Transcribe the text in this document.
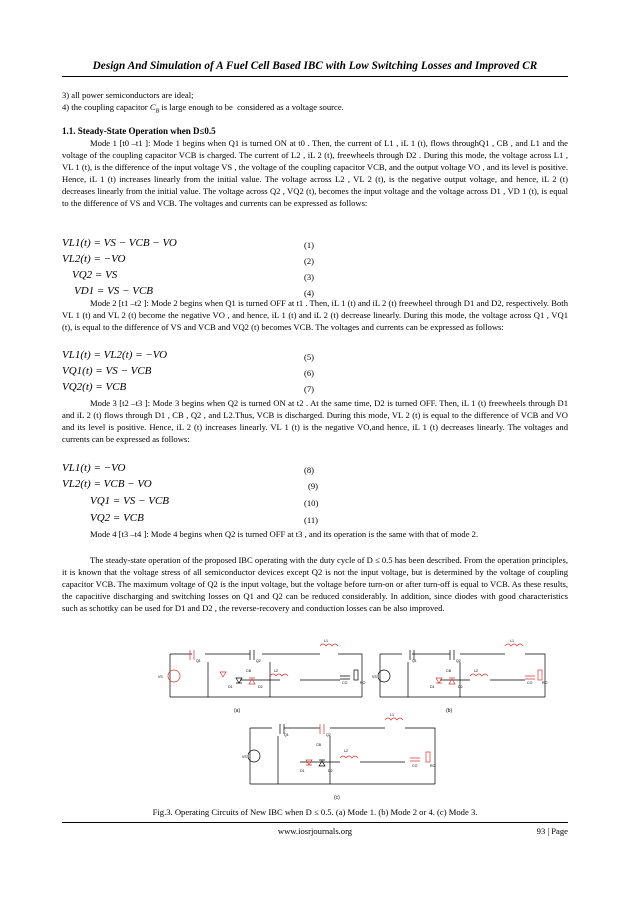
Design And Simulation of A Fuel Cell Based IBC with Low Switching Losses and Improved CR

3) all power semiconductors are ideal;

4) the coupling capacitor $C_B$ is large enough to be  considered as a voltage source.

1.1. Steady-State Operation when D≤0.5
Mode 1 [t0 –t1 ]: Mode 1 begins when Q1 is turned ON at t0 . Then, the current of L1 , iL 1 (t), flows throughQ1 , CB , and L1 and the voltage of the coupling capacitor VCB is charged. The current of L2 , iL 2 (t), freewheels through D2 . During this mode, the voltage across L1 , VL 1 (t), is the difference of the input voltage VS , the voltage of the coupling capacitor VCB, and the output voltage VO , and its level is positive. Hence, iL 1 (t) increases linearly from the initial value. The voltage across L2 , VL 2 (t), is the negative output voltage, and hence, iL 2 (t) decreases linearly from the initial value. The voltage across Q2 , VQ2 (t), becomes the input voltage and the voltage across D1 , VD 1 (t), is equal to the difference of VS and VCB. The voltages and currents can be expressed as follows:
VL1(t) = VS − VCB − VO	(1)
VL2(t) = −VO	(2)
VQ2 = VS	(3)
VD1 = VS − VCB	(4)
Mode 2 [t1 –t2 ]: Mode 2 begins when Q1 is turned OFF at t1 . Then, iL 1 (t) and iL 2 (t) freewheel through D1 and D2, respectively. Both VL 1 (t) and VL 2 (t) become the negative VO , and hence, iL 1 (t) and iL 2 (t) decrease linearly. During this mode, the voltage across Q1 , VQ1 (t), is equal to the difference of VS and VCB and VQ2 (t) becomes VCB. The voltages and currents can be expressed as follows:
VL1(t) = VL2(t) = −VO	(5)
VQ1(t) = VS − VCB	(6)
VQ2(t) = VCB	(7)
Mode 3 [t2 –t3 ]: Mode 3 begins when Q2 is turned ON at t2 . At the same time, D2 is turned OFF. Then, iL 1 (t) freewheels through D1 and iL 2 (t) flows through D1 , CB , Q2 , and L2.Thus, VCB is discharged. During this mode, VL 2 (t) is equal to the difference of VCB and VO and its level is positive. Hence, iL 2 (t) increases linearly. VL 1 (t) is the negative VO,and hence, iL 1 (t) decreases linearly. The voltages and currents can be expressed as follows:
VL1(t) = −VO	(8)
VL2(t) = VCB − VO	(9)
VQ1 = VS − VCB	(10)
VQ2 = VCB	(11)
Mode 4 [t3 –t4 ]: Mode 4 begins when Q2 is turned OFF at t3 , and its operation is the same with that of mode 2.
The steady-state operation of the proposed IBC operating with the duty cycle of D ≤ 0.5 has been described. From the operation principles, it is known that the voltage stress of all semiconductor devices except Q2 is not the input voltage, but is determined by the voltage of coupling capacitor VCB. The maximum voltage of Q2 is the input voltage, but the voltage before turn-on or after turn-off is equal to VCB. As these results, the capacitive discharging and switching losses on Q1 and Q2 can be reduced considerably. In addition, since diodes with good characteristics such as schottky can be used for D1 and D2 , the reverse-recovery and conduction losses can be also improved.
VS
Q1	Q2
CB
L1
L2
D1	D2
CO	RO
(a)
VS
Q1	Q2
CB
L1
L2
D1	D2
CO	RO
(b)
VS
Q1	Q2
CB
L1
L2
D1	D2
CO	RO
(c)
Fig.3. Operating Circuits of New IBC when D ≤ 0.5. (a) Mode 1. (b) Mode 2 or 4. (c) Mode 3.
www.iosrjournals.org	93 | Page
